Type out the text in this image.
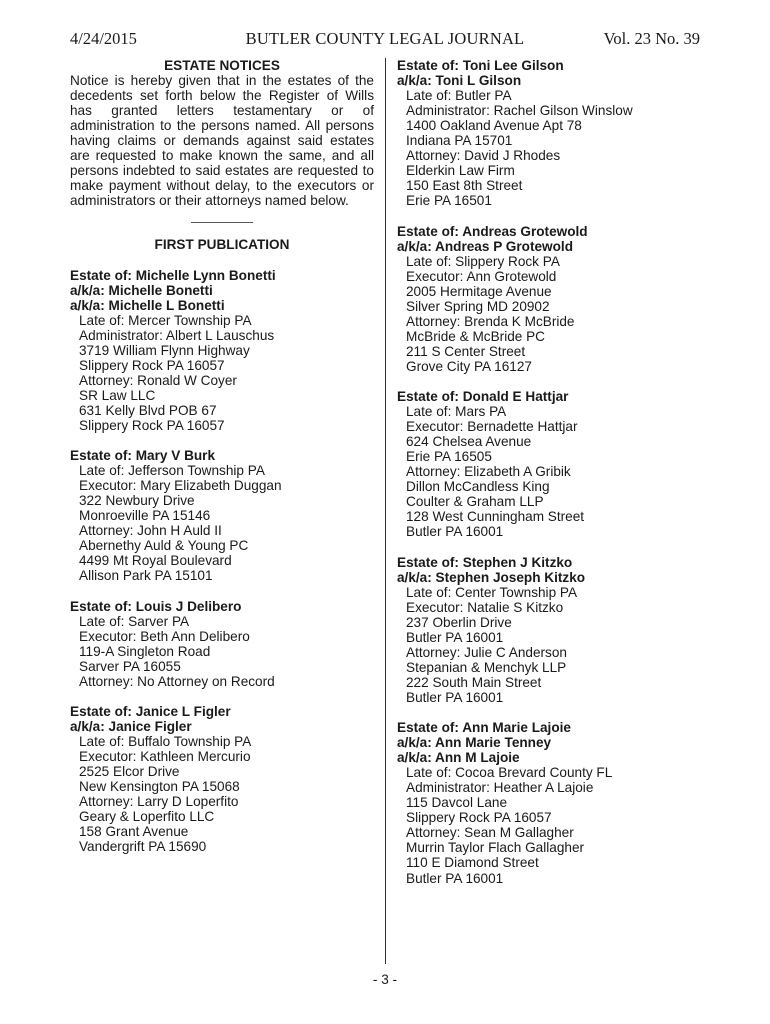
4/24/2015	BUTLER COUNTY LEGAL JOURNAL	Vol. 23 No. 39
ESTATE NOTICES

Notice is hereby given that in the estates of the decedents set forth below the Register of Wills has granted letters testamentary or of administration to the persons named. All persons having claims or demands against said estates are requested to make known the same, and all persons indebted to said estates are requested to make payment without delay, to the executors or administrators or their attorneys named below.

FIRST PUBLICATION
Estate of: Michelle Lynn Bonetti
a/k/a: Michelle Bonetti
a/k/a: Michelle L Bonetti
Late of: Mercer Township PA
Administrator: Albert L Lauschus
3719 William Flynn Highway
Slippery Rock PA 16057
Attorney: Ronald W Coyer
SR Law LLC
631 Kelly Blvd POB 67
Slippery Rock PA 16057
Estate of: Mary V Burk
Late of: Jefferson Township PA
Executor: Mary Elizabeth Duggan
322 Newbury Drive
Monroeville PA 15146
Attorney: John H Auld II
Abernethy Auld & Young PC
4499 Mt Royal Boulevard
Allison Park PA 15101
Estate of: Louis J Delibero
Late of: Sarver PA
Executor: Beth Ann Delibero
119-A Singleton Road
Sarver PA 16055
Attorney: No Attorney on Record
Estate of: Janice L Figler
a/k/a: Janice Figler
Late of: Buffalo Township PA
Executor: Kathleen Mercurio
2525 Elcor Drive
New Kensington PA 15068
Attorney: Larry D Loperfito
Geary & Loperfito LLC
158 Grant Avenue
Vandergrift PA 15690
Estate of: Toni Lee Gilson
a/k/a: Toni L Gilson
Late of: Butler PA
Administrator: Rachel Gilson Winslow
1400 Oakland Avenue Apt 78
Indiana PA 15701
Attorney: David J Rhodes
Elderkin Law Firm
150 East 8th Street
Erie PA 16501
Estate of: Andreas Grotewold
a/k/a: Andreas P Grotewold
Late of: Slippery Rock PA
Executor: Ann Grotewold
2005 Hermitage Avenue
Silver Spring MD 20902
Attorney: Brenda K McBride
McBride & McBride PC
211 S Center Street
Grove City PA 16127
Estate of: Donald E Hattjar
Late of: Mars PA
Executor: Bernadette Hattjar
624 Chelsea Avenue
Erie PA 16505
Attorney: Elizabeth A Gribik
Dillon McCandless King
Coulter & Graham LLP
128 West Cunningham Street
Butler PA 16001
Estate of: Stephen J Kitzko
a/k/a: Stephen Joseph Kitzko
Late of: Center Township PA
Executor: Natalie S Kitzko
237 Oberlin Drive
Butler PA 16001
Attorney: Julie C Anderson
Stepanian & Menchyk LLP
222 South Main Street
Butler PA 16001
Estate of: Ann Marie Lajoie
a/k/a: Ann Marie Tenney
a/k/a: Ann M Lajoie
Late of: Cocoa Brevard County FL
Administrator: Heather A Lajoie
115 Davcol Lane
Slippery Rock PA 16057
Attorney: Sean M Gallagher
Murrin Taylor Flach Gallagher
110 E Diamond Street
Butler PA 16001
- 3 -
